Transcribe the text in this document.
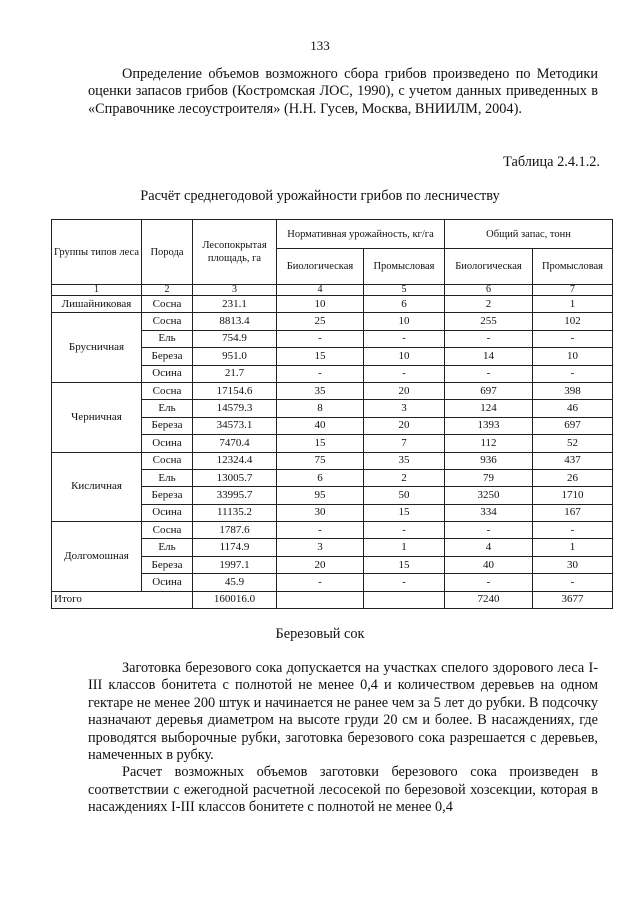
133

Определение объемов возможного сбора грибов произведено по Методики оценки запасов грибов (Костромская ЛОС, 1990), с учетом данных приведенных в «Справочнике лесоустроителя» (Н.Н. Гусев, Москва, ВНИИЛМ, 2004).

Таблица 2.4.1.2.
Расчёт среднегодовой урожайности грибов по лесничеству
Группы типов леса	Порода	Лесопокрытая площадь, га	Нормативная урожайность, кг/га		Общий запас, тонн	
			Биологическая	Промысловая	Биологическая	Промысловая
1	2	3	4	5	6	7
Лишайниковая	Сосна	231.1	10	6	2	1
Брусничная	Сосна	8813.4	25	10	255	102
	Ель	754.9	-	-	-	-
	Береза	951.0	15	10	14	10
	Осина	21.7	-	-	-	-
Черничная	Сосна	17154.6	35	20	697	398
	Ель	14579.3	8	3	124	46
	Береза	34573.1	40	20	1393	697
	Осина	7470.4	15	7	112	52
Кисличная	Сосна	12324.4	75	35	936	437
	Ель	13005.7	6	2	79	26
	Береза	33995.7	95	50	3250	1710
	Осина	11135.2	30	15	334	167
Долгомошная	Сосна	1787.6	-	-	-	-
	Ель	1174.9	3	1	4	1
	Береза	1997.1	20	15	40	30
	Осина	45.9	-	-	-	-
Итого		160016.0			7240	3677
Березовый сок

Заготовка березового сока допускается на участках спелого здорового леса I-III классов бонитета с полнотой не менее 0,4 и количеством деревьев на одном гектаре не менее 200 штук и начинается не ранее чем за 5 лет до рубки. В подсочку назначают деревья диаметром на высоте груди 20 см и более. В насаждениях, где проводятся выборочные рубки, заготовка березового сока разрешается с деревьев, намеченных в рубку.

Расчет возможных объемов заготовки березового сока произведен в соответствии с ежегодной расчетной лесосекой по березовой хозсекции, которая в насаждениях I-III классов бонитете с полнотой не менее 0,4
